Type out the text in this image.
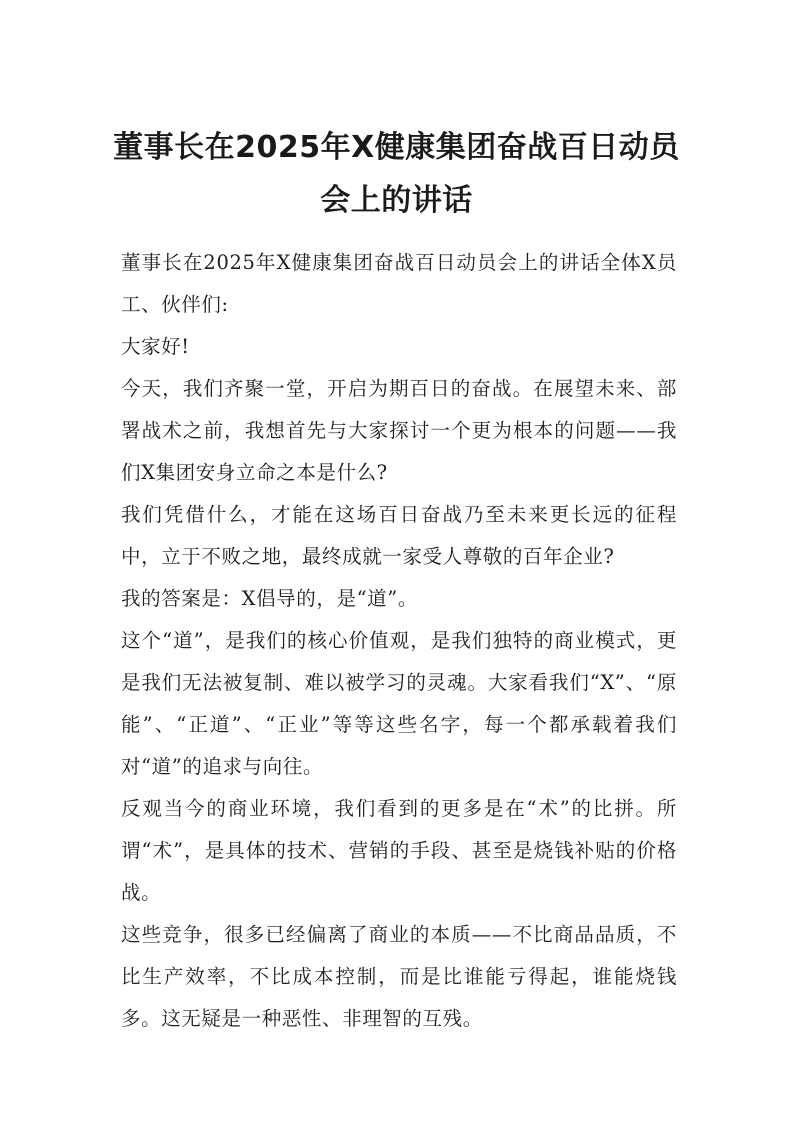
董事长在2025年X健康集团奋战百日动员会上的讲话

董事长在2025年X健康集团奋战百日动员会上的讲话全体X员工、伙伴们:

大家好!

今天，我们齐聚一堂，开启为期百日的奋战。在展望未来、部署战术之前，我想首先与大家探讨一个更为根本的问题——我们X集团安身立命之本是什么?

我们凭借什么，才能在这场百日奋战乃至未来更长远的征程中，立于不败之地，最终成就一家受人尊敬的百年企业?

我的答案是：X倡导的，是“道”。

这个“道”，是我们的核心价值观，是我们独特的商业模式，更是我们无法被复制、难以被学习的灵魂。大家看我们“X”、“原能”、“正道”、“正业”等等这些名字，每一个都承载着我们对“道”的追求与向往。

反观当今的商业环境，我们看到的更多是在“术”的比拼。所谓“术”，是具体的技术、营销的手段、甚至是烧钱补贴的价格战。

这些竞争，很多已经偏离了商业的本质——不比商品品质，不比生产效率，不比成本控制，而是比谁能亏得起，谁能烧钱多。这无疑是一种恶性、非理智的互残。
